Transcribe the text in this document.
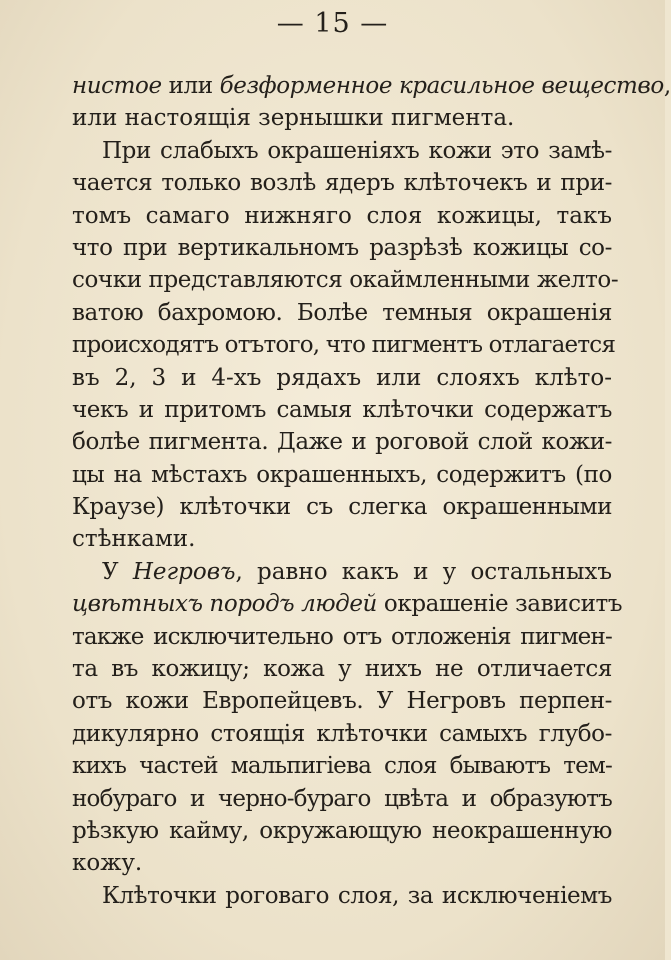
— 15 —
нистое или безформенное красильное вещество,
или настоящія зернышки пигмента.
При слабыхъ окрашеніяхъ кожи это замѣ-
чается только возлѣ ядеръ клѣточекъ и при-
томъ самаго нижняго слоя кожицы, такъ
что при вертикальномъ разрѣзѣ кожицы со-
сочки представляются окаймленными желто-
ватою бахромою. Болѣе темныя окрашенія
происходятъ отътого, что пигментъ отлагается
въ 2, 3 и 4-хъ рядахъ или слояхъ клѣто-
чекъ и притомъ самыя клѣточки содержатъ
болѣе пигмента. Даже и роговой слой кожи-
цы на мѣстахъ окрашенныхъ, содержитъ (по
Краузе) клѣточки съ слегка окрашенными
стѣнками.
У Негровъ, равно какъ и у остальныхъ
цвѣтныхъ породъ людей окрашеніе зависитъ
также исключительно отъ отложенія пигмен-
та въ кожицу; кожа у нихъ не отличается
отъ кожи Европейцевъ. У Негровъ перпен-
дикулярно стоящія клѣточки самыхъ глубо-
кихъ частей мальпигіева слоя бываютъ тем-
нобураго и черно-бураго цвѣта и образуютъ
рѣзкую кайму, окружающую неокрашенную
кожу.
Клѣточки роговаго слоя, за исключеніемъ
